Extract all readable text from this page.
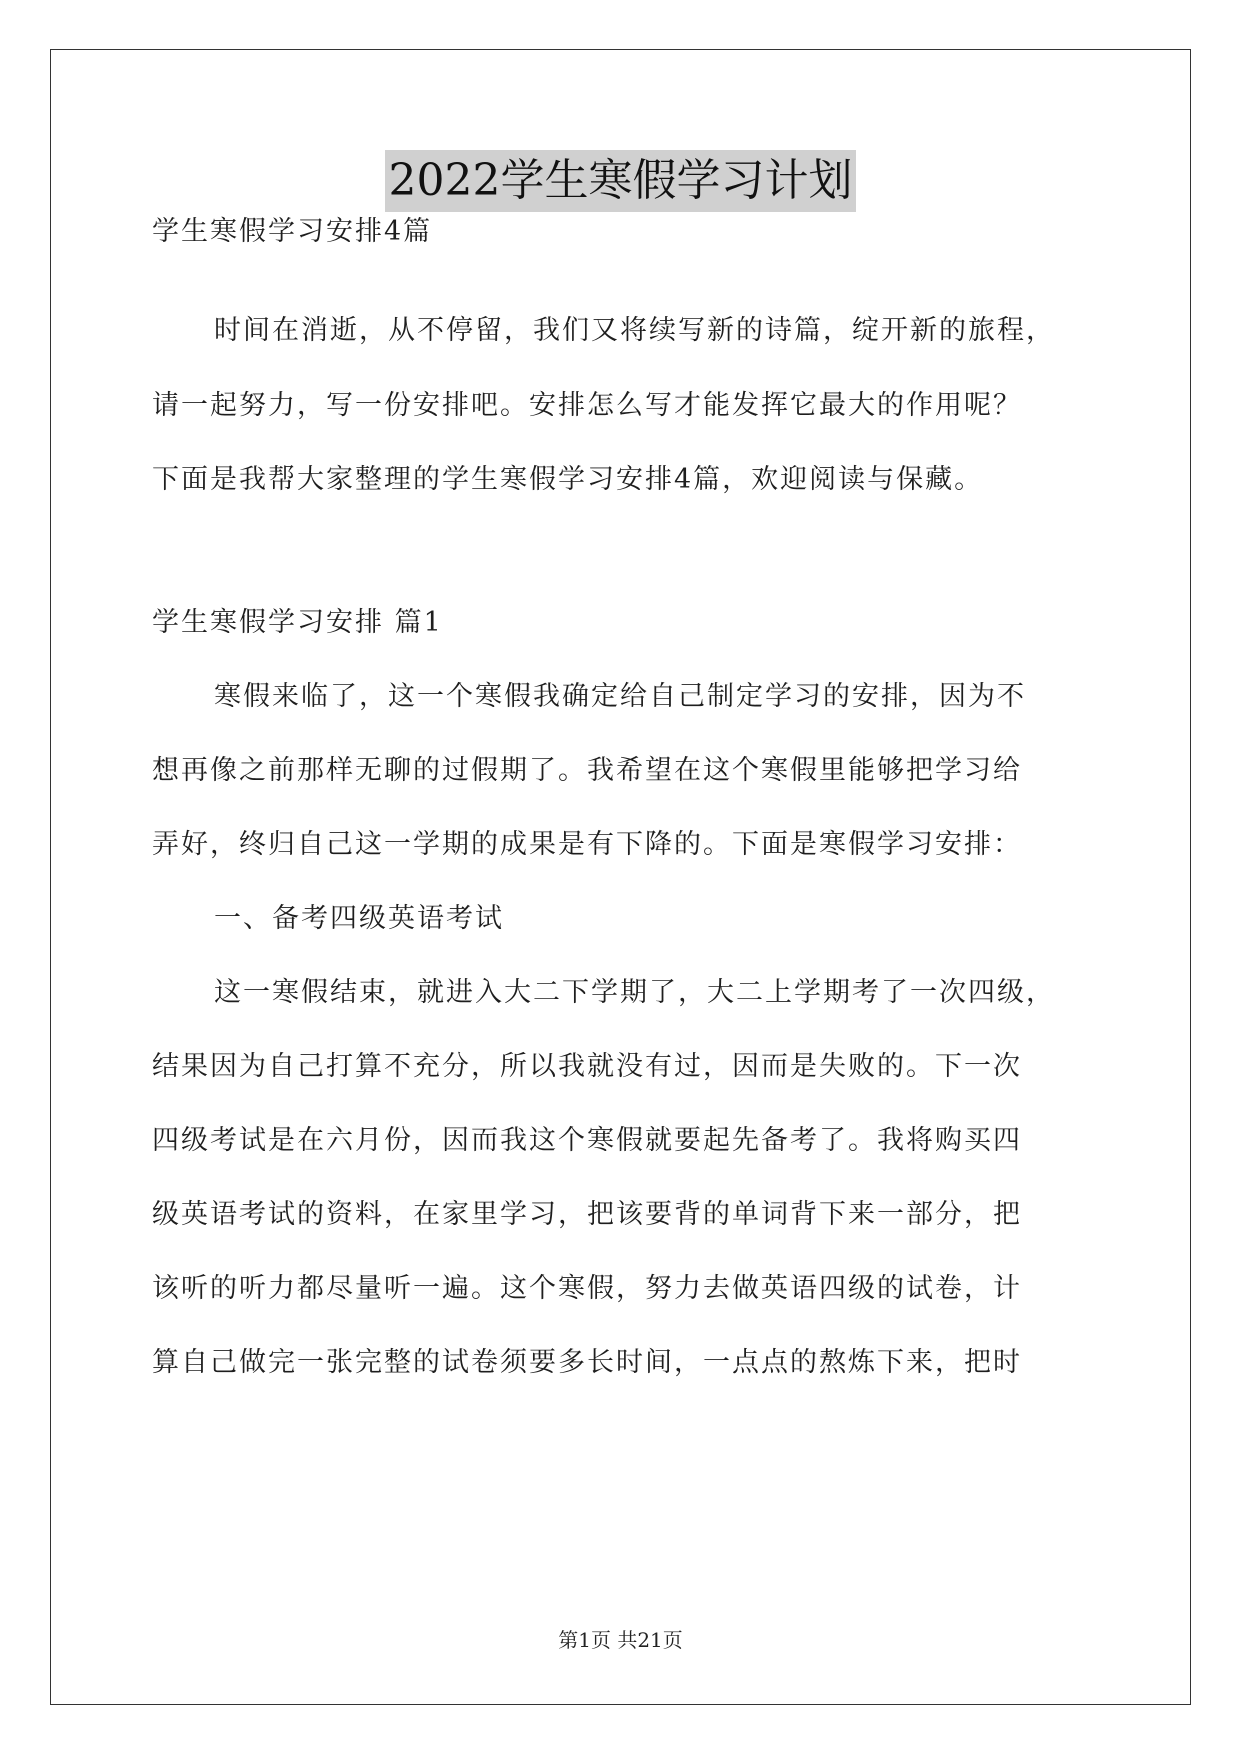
2022学生寒假学习计划
学生寒假学习安排4篇
时间在消逝，从不停留，我们又将续写新的诗篇，绽开新的旅程，
请一起努力，写一份安排吧。安排怎么写才能发挥它最大的作用呢？
下面是我帮大家整理的学生寒假学习安排4篇，欢迎阅读与保藏。
学生寒假学习安排 篇1
寒假来临了，这一个寒假我确定给自己制定学习的安排，因为不
想再像之前那样无聊的过假期了。我希望在这个寒假里能够把学习给
弄好，终归自己这一学期的成果是有下降的。下面是寒假学习安排：
一、备考四级英语考试
这一寒假结束，就进入大二下学期了，大二上学期考了一次四级，
结果因为自己打算不充分，所以我就没有过，因而是失败的。下一次
四级考试是在六月份，因而我这个寒假就要起先备考了。我将购买四
级英语考试的资料，在家里学习，把该要背的单词背下来一部分，把
该听的听力都尽量听一遍。这个寒假，努力去做英语四级的试卷，计
算自己做完一张完整的试卷须要多长时间，一点点的熬炼下来，把时
第1页 共21页
